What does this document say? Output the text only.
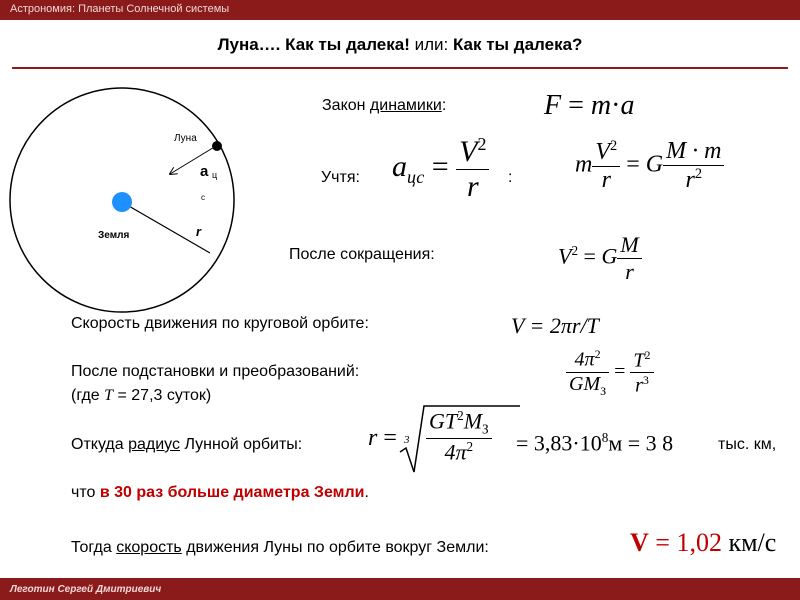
Астрономия: Планеты Солнечной системы
Луна…. Как ты далека! или: Как ты далека?
Луна
Земля
a ц
с
r
Закон динамики:	F = m·a
Учтя: $a_{цс} = \frac{V^2}{r}$ :	m $\frac{V^2}{r} = G \frac{M \cdot m}{r^2}$
После сокращения:	$V^2 = G \frac{M}{r}$
Скорость движения по круговой орбите:	V = 2πr/T
После подстановки и преобразований:
(где T = 27,3 суток)	$\frac{4\pi^2}{GM_З} = \frac{T^2}{r^3}$
Откуда радиус Лунной орбиты:	$r = 3 \frac{GT^2M_З}{4\pi^2} = 3,83\cdot 10^8м = 3$ 8	тыс. км,
что в 30 раз больше диаметра Земли.
Тогда скорость движения Луны по орбите вокруг Земли:	V = 1,02 км/с
Леготин Сергей Дмитриевич
